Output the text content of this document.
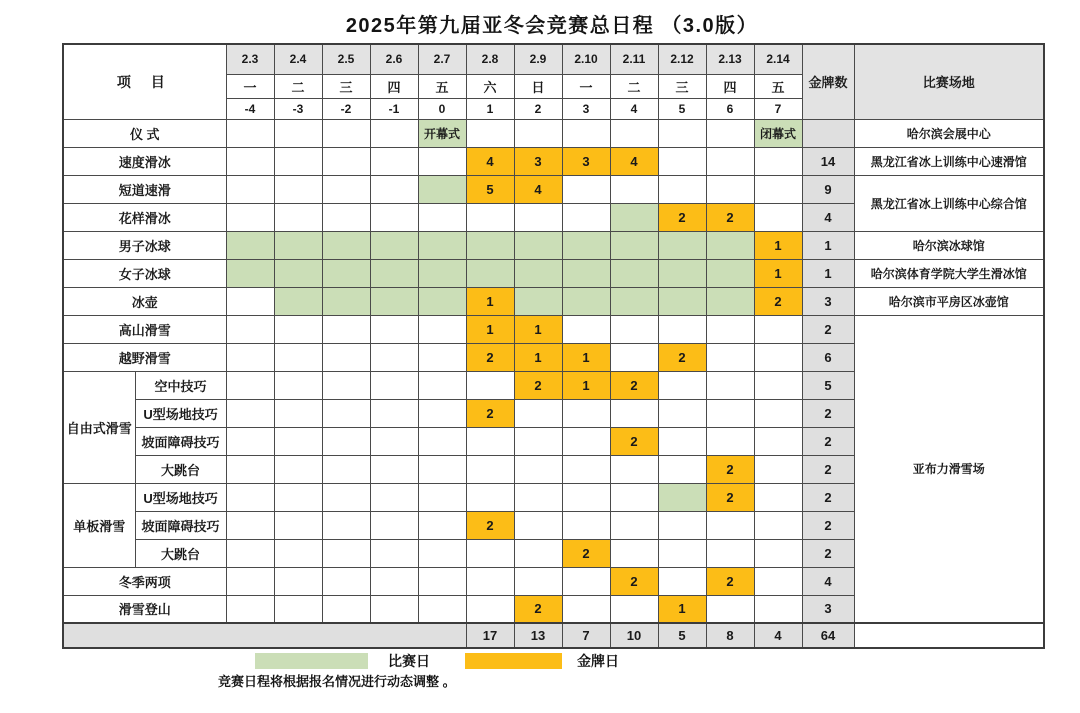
2025年第九届亚冬会竞赛总日程 （3.0版）
项 目		2.3	2.4	2.5	2.6	2.7	2.8	2.9	2.10	2.11	2.12	2.13	2.14	金牌数	比赛场地
		一	二	三	四	五	六	日	一	二	三	四	五		
		-4	-3	-2	-1	0	1	2	3	4	5	6	7		
仪 式						开幕式							闭幕式		哈尔滨会展中心
速度滑冰							4	3	3	4				14	黑龙江省冰上训练中心速滑馆
短道速滑							5	4						9	黑龙江省冰上训练中心综合馆
花样滑冰											2	2		4	
男子冰球													1	1	哈尔滨冰球馆
女子冰球													1	1	哈尔滨体育学院大学生滑冰馆
冰壶							1						2	3	哈尔滨市平房区冰壶馆
高山滑雪							1	1						2	亚布力滑雪场
越野滑雪							2	1	1		2			6	
自由式滑雪	空中技巧							2	1	2				5	
	U型场地技巧						2							2	
	坡面障碍技巧									2				2	
	大跳台											2		2	
单板滑雪	U型场地技巧											2		2	
	坡面障碍技巧						2							2	
	大跳台								2					2	
冬季两项										2		2		4	
滑雪登山								2			1			3	
							17	13	7	10	5	8	4	64	
比赛日	金牌日
竞赛日程将根据报名情况进行动态调整 。
